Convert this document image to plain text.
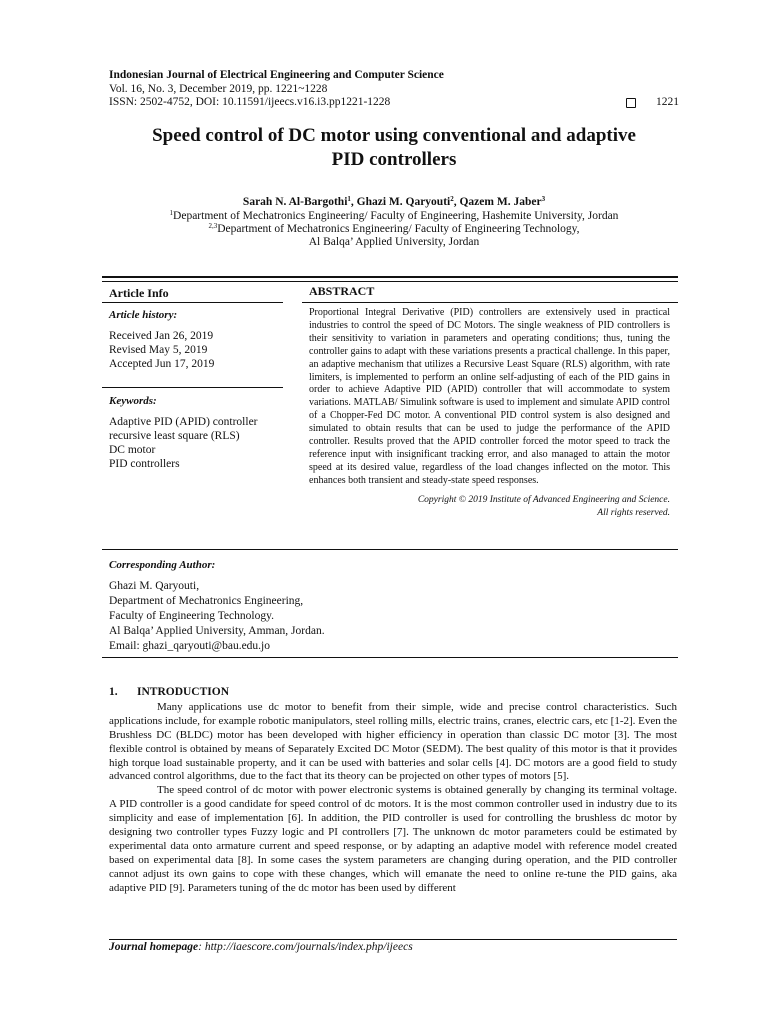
Indonesian Journal of Electrical Engineering and Computer Science
Vol. 16, No. 3, December 2019, pp. 1221~1228
ISSN: 2502-4752, DOI: 10.11591/ijeecs.v16.i3.pp1221-1228	1221
Speed control of DC motor using conventional and adaptive
PID controllers
Sarah N. Al-Bargothi$^1$, Ghazi M. Qaryouti$^2$, Qazem M. Jaber$^3$
$^1$Department of Mechatronics Engineering/ Faculty of Engineering, Hashemite University, Jordan
$^{2,3}$Department of Mechatronics Engineering/ Faculty of Engineering Technology,
Al Balqa’ Applied University, Jordan
Article Info	ABSTRACT
Article history:
Received Jan 26, 2019
Revised May 5, 2019
Accepted Jun 17, 2019
Keywords:
Adaptive PID (APID) controller
recursive least square (RLS)
DC motor
PID controllers
Proportional Integral Derivative (PID) controllers are extensively used in practical industries to control the speed of DC Motors. The single weakness of PID controllers is their sensitivity to variation in parameters and operating conditions; thus, tuning the controller gains to adapt with these variations presents a practical challenge. In this paper, an adaptive mechanism that utilizes a Recursive Least Square (RLS) algorithm, with rate limiters, is implemented to perform an online self-adjusting of each of the PID gains in order to achieve Adaptive PID (APID) controller that will accommodate to system variations. MATLAB/ Simulink software is used to implement and simulate APID control of a Chopper-Fed DC motor. A conventional PID control system is also designed and simulated to obtain results that can be used to judge the performance of the APID controller. Results proved that the APID controller forced the motor speed to track the reference input with insignificant tracking error, and also managed to attain the motor speed at its desired value, regardless of the load changes inflected on the motor. This enhances both transient and steady-state speed responses.
Copyright © 2019 Institute of Advanced Engineering and Science.
All rights reserved.
Corresponding Author:
Ghazi M. Qaryouti,
Department of Mechatronics Engineering,
Faculty of Engineering Technology.
Al Balqa’ Applied University, Amman, Jordan.
Email: ghazi_qaryouti@bau.edu.jo
1. INTRODUCTION

Many applications use dc motor to benefit from their simple, wide and precise control characteristics. Such applications include, for example robotic manipulators, steel rolling mills, electric trains, cranes, electric cars, etc [1-2]. Even the Brushless DC (BLDC) motor has been developed with higher efficiency in operation than classic DC motor [3]. The most flexible control is obtained by means of Separately Excited DC Motor (SEDM). The best quality of this motor is that it provides high torque load sustainable property, and it can be used with batteries and solar cells [4]. DC motors are a good field to study advanced control algorithms, due to the fact that its theory can be projected on other types of motors [5].

The speed control of dc motor with power electronic systems is obtained generally by changing its terminal voltage. A PID controller is a good candidate for speed control of dc motors. It is the most common controller used in industry due to its simplicity and ease of implementation [6]. In addition, the PID controller is used for controlling the brushless dc motor by designing two controller types Fuzzy logic and PI controllers [7]. The unknown dc motor parameters could be estimated by experimental data onto armature current and speed response, or by adapting an adaptive model with reference model created based on experimental data [8]. In some cases the system parameters are changing during operation, and the PID controller cannot adjust its own gains to cope with these changes, which will emanate the need to online re-tune the PID gains, aka adaptive PID [9]. Parameters tuning of the dc motor has been used by different

Journal homepage: http://iaescore.com/journals/index.php/ijeecs
